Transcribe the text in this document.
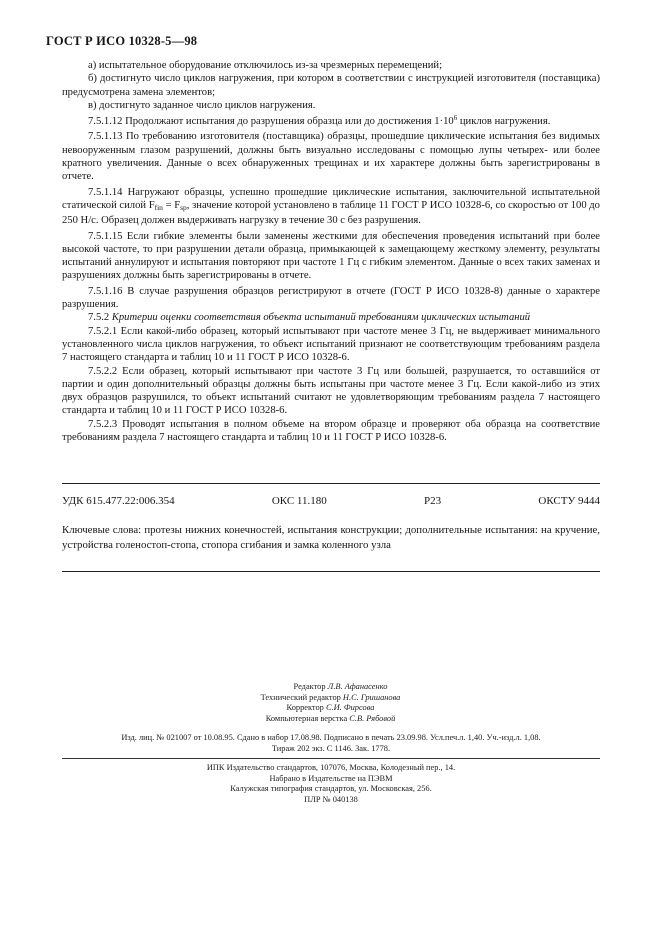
ГОСТ Р ИСО 10328-5—98

а) испытательное оборудование отключилось из-за чрезмерных перемещений;

б) достигнуто число циклов нагружения, при котором в соответствии с инструкцией изготовителя (поставщика) предусмотрена замена элементов;

в) достигнуто заданное число циклов нагружения.

7.5.1.12 Продолжают испытания до разрушения образца или до достижения $1\cdot 10^6$ циклов нагружения.

7.5.1.13 По требованию изготовителя (поставщика) образцы, прошедшие циклические испытания без видимых невооруженным глазом разрушений, должны быть визуально исследованы с помощью лупы четырех- или более кратного увеличения. Данные о всех обнаруженных трещинах и их характере должны быть зарегистрированы в отчете.

7.5.1.14 Нагружают образцы, успешно прошедшие циклические испытания, заключительной испытательной статической силой $F_{fin} = F_{sp}$, значение которой установлено в таблице 11 ГОСТ Р ИСО 10328-6, со скоростью от 100 до 250 Н/с. Образец должен выдерживать нагрузку в течение 30 с без разрушения.

7.5.1.15 Если гибкие элементы были заменены жесткими для обеспечения проведения испытаний при более высокой частоте, то при разрушении детали образца, примыкающей к замещающему жесткому элементу, результаты испытаний аннулируют и испытания повторяют при частоте 1 Гц с гибким элементом. Данные о всех таких заменах и разрушениях должны быть зарегистрированы в отчете.

7.5.1.16 В случае разрушения образцов регистрируют в отчете (ГОСТ Р ИСО 10328-8) данные о характере разрушения.

7.5.2 Критерии оценки соответствия объекта испытаний требованиям циклических испытаний

7.5.2.1 Если какой-либо образец, который испытывают при частоте менее 3 Гц, не выдерживает минимального установленного числа циклов нагружения, то объект испытаний признают не соответствующим требованиям раздела 7 настоящего стандарта и таблиц 10 и 11 ГОСТ Р ИСО 10328-6.

7.5.2.2 Если образец, который испытывают при частоте 3 Гц или большей, разрушается, то оставшийся от партии и один дополнительный образцы должны быть испытаны при частоте менее 3 Гц. Если какой-либо из этих двух образцов разрушился, то объект испытаний считают не удовлетворяющим требованиям раздела 7 настоящего стандарта и таблиц 10 и 11 ГОСТ Р ИСО 10328-6.

7.5.2.3 Проводят испытания в полном объеме на втором образце и проверяют оба образца на соответствие требованиям раздела 7 настоящего стандарта и таблиц 10 и 11 ГОСТ Р ИСО 10328-6.

УДК 615.477.22:006.354	ОКС 11.180	Р23	ОКСТУ 9444
Ключевые слова: протезы нижних конечностей, испытания конструкции; дополнительные испытания: на кручение, устройства голеностоп-стопа, стопора сгибания и замка коленного узла
Редактор Л.В. Афанасенко
Технический редактор Н.С. Гришанова
Корректор С.И. Фирсова
Компьютерная верстка С.В. Рябовой
Изд. лиц. № 021007 от 10.08.95. Сдано в набор 17.08.98. Подписано в печать 23.09.98. Усл.печ.л. 1,40. Уч.-изд.л. 1,08.
Тираж 202 экз. С 1146. Зак. 1778.
ИПК Издательство стандартов, 107076, Москва, Колодезный пер., 14.
Набрано в Издательстве на ПЭВМ
Калужская типография стандартов, ул. Московская, 256.
ПЛР № 040138
